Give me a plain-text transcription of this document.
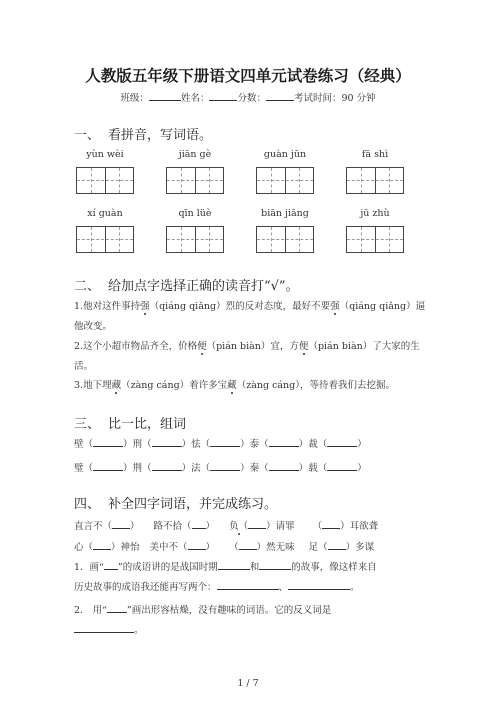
人教版五年级下册语文四单元试卷练习（经典）
班级：	姓名：	分数：	考试时间：90 分钟
一、 看拼音，写词语。
yùn wèi	jiān gè	guàn jūn	fā shì
xí guàn	qīn lüè	biān jiāng	jū zhù
二、 给加点字选择正确的读音打“√”。
1.他对这件事持强（qiáng qiǎng）烈的反对态度，最好不要强（qiáng qiǎng）逼
他改变。
2.这个小超市物品齐全，价格便（pián biàn）宜，方便（pián biàn）了大家的生
活。
3.地下埋藏（zàng cáng）着许多宝藏（zàng cáng），等待着我们去挖掘。
三、 比一比，组词
壁（	）刑（	）怯（	）泰（	）裁（	）
璧（	）荆（	）法（	）秦（	）载（	）
四、 补全四字词语，并完成练习。
直言不（ ） 路不拾（ ） 负（ ）请罪 （ ）耳欲聋
心（ ）神怡 美中不（ ） （ ）然无味 足（ ）多谋
1．画“ ”的成语讲的是战国时期	和	的故事，像这样来自
历史故事的成语我还能再写两个：	、	。
2． 用“ ”画出形容枯燥，没有趣味的词语。它的反义词是
。
1 / 7
